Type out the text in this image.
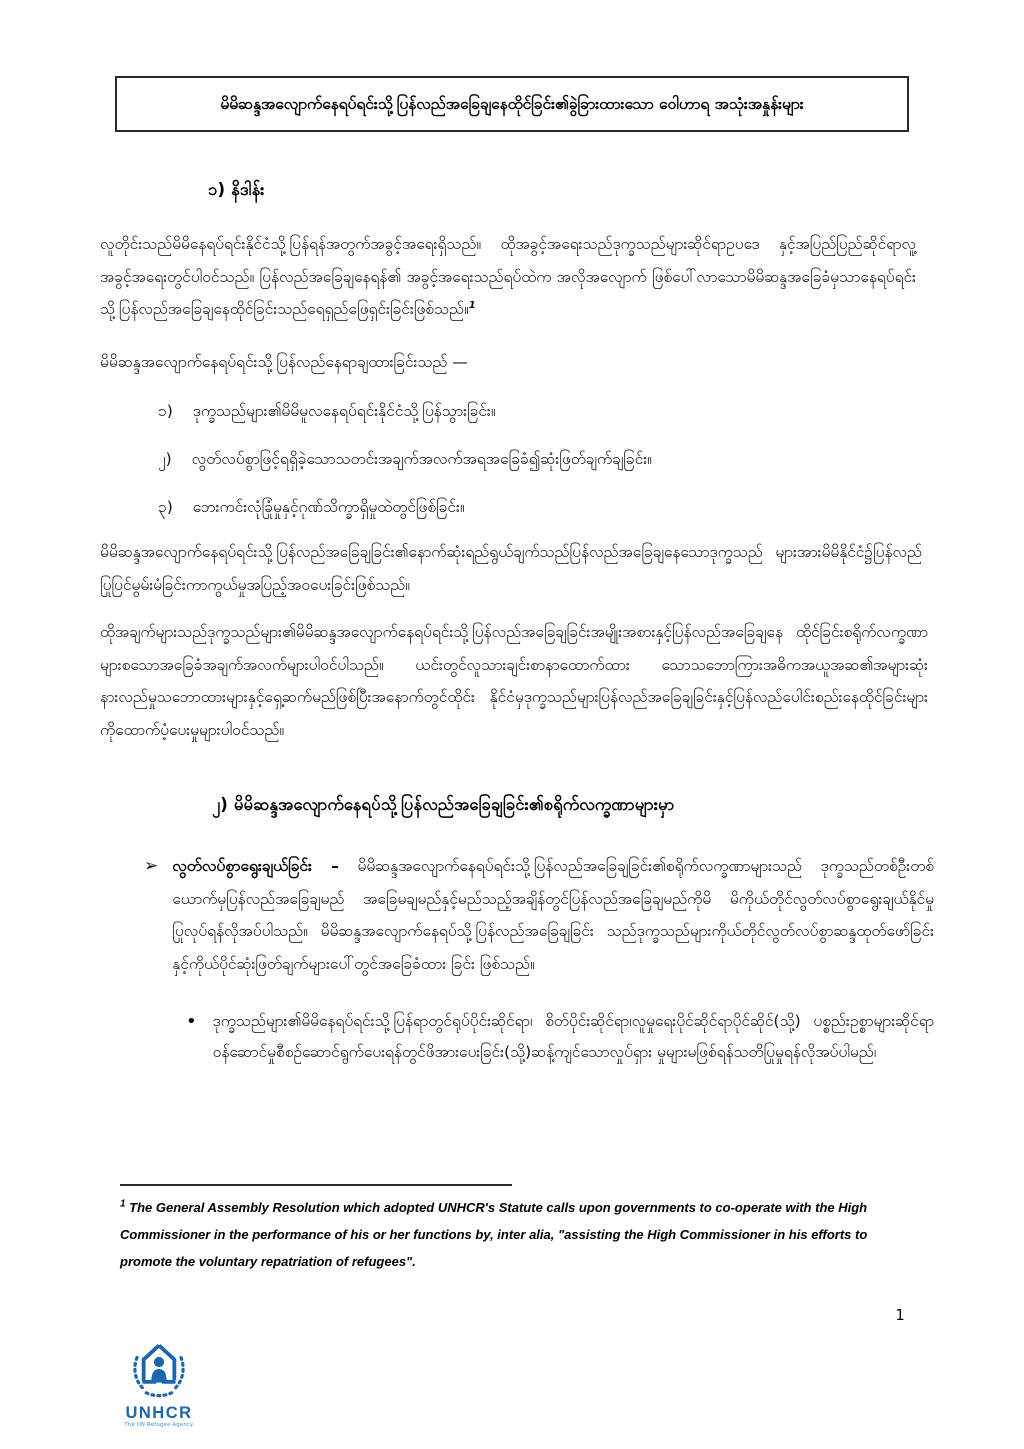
မိမိဆန္ဒအလျောက်နေရပ်ရင်းသို့ပြန်လည်အခြေချနေထိုင်ခြင်း၏ခွဲခြားထားသော ဝေါဟာရ အသုံးအနှုန်းများ
၁) နိဒါန်း
လူတိုင်းသည်မိမိနေရပ်ရင်းနိုင်ငံသို့ပြန်ရန်အတွက်အခွင့်အရေးရှိသည်။ ထိုအခွင့်အရေးသည်ဒုက္ခသည်များဆိုင်ရာဥပဒေ နှင့်အပြည်ပြည်ဆိုင်ရာလူ့အခွင့်အရေးတွင်ပါဝင်သည်။ ပြန်လည်အခြေချနေရန်၏ အခွင့်အရေးသည်ရပ်ထဲက အလိုအလျောက် ဖြစ်ပေါ်လာသောမိမိဆန္ဒအခြေခံမှသာနေရပ်ရင်းသို့ပြန်လည်အခြေချနေထိုင်ခြင်းသည်ရေရှည်ဖြေရှင်းခြင်းဖြစ်သည်။$^1$
မိမိဆန္ဒအလျောက်နေရပ်ရင်းသို့ပြန်လည်နေရာချထားခြင်းသည် —
၁) ဒုက္ခသည်များ၏မိမိမူလနေရပ်ရင်းနိုင်ငံသို့ပြန်သွားခြင်း။
၂) လွတ်လပ်စွာဖြင့်ရရှိခဲ့သောသတင်းအချက်အလက်အရအခြေခံ၍ဆုံးဖြတ်ချက်ချခြင်း။
၃) ဘေးကင်းလုံခြုံမှုနှင့်ဂုဏ်သိက္ခာရှိမှုထဲတွင်ဖြစ်ခြင်း။
မိမိဆန္ဒအလျောက်နေရပ်ရင်းသို့ပြန်လည်အခြေချခြင်း၏နောက်ဆုံးရည်ရွယ်ချက်သည်ပြန်လည်အခြေချနေသောဒုက္ခသည် များအားမိမိနိုင်ငံ၌ပြန်လည်ပြုပြင်မွမ်းမံခြင်းကာကွယ်မှုအပြည့်အဝပေးခြင်းဖြစ်သည်။
ထိုအချက်များသည်ဒုက္ခသည်များ၏မိမိဆန္ဒအလျောက်နေရပ်ရင်းသို့ပြန်လည်အခြေချခြင်းအမျိုးအစားနှင့်ပြန်လည်အခြေချနေ ထိုင်ခြင်းစရိုက်လက္ခဏာများစသောအခြေခံအချက်အလက်များပါဝင်ပါသည်။ ယင်းတွင်လူသားချင်းစာနာထောက်ထား သောသဘောကြားအဓိကအယူအဆ၏အများဆုံးနားလည်မှုသဘောထားများနှင့်ရှေ့ဆက်မည်ဖြစ်ပြီးအနောက်တွင်ထိုင်း နိုင်ငံမှဒုက္ခသည်များပြန်လည်အခြေချခြင်းနှင့်ပြန်လည်ပေါင်းစည်းနေထိုင်ခြင်းများကိုထောက်ပံ့ပေးမှုများပါဝင်သည်။
၂) မိမိဆန္ဒအလျောက်နေရပ်သို့ပြန်လည်အခြေချခြင်း၏စရိုက်လက္ခဏာများမှာ
➢ လွတ်လပ်စွာရွေးချယ်ခြင်း – မိမိဆန္ဒအလျောက်နေရပ်ရင်းသို့ပြန်လည်အခြေချခြင်း၏စရိုက်လက္ခဏာများသည် ဒုက္ခသည်တစ်ဦးတစ်ယောက်မှပြန်လည်အခြေချမည် အခြေမချမည်နှင့်မည်သည့်အချိန်တွင်ပြန်လည်အခြေချမည်ကိုမိ မိကိုယ်တိုင်လွတ်လပ်စွာရွေးချယ်နိုင်မှုပြုလုပ်ရန်လိုအပ်ပါသည်။ မိမိဆန္ဒအလျောက်နေရပ်သို့ပြန်လည်အခြေချခြင်း သည်ဒုက္ခသည်များကိုယ်တိုင်လွတ်လပ်စွာဆန္ဒထုတ်ဖော်ခြင်းနှင့်ကိုယ်ပိုင်ဆုံးဖြတ်ချက်များပေါ်တွင်အခြေခံထား ခြင်း ဖြစ်သည်။
• ဒုက္ခသည်များ၏မိမိနေရပ်ရင်းသို့ပြန်ရာတွင်ရုပ်ပိုင်းဆိုင်ရာ၊ စိတ်ပိုင်းဆိုင်ရာ၊လူမှုရေးပိုင်ဆိုင်ရာပိုင်ဆိုင်(သို့) ပစ္စည်းဥစ္စာများဆိုင်ရာဝန်ဆောင်မှုစီစဉ်ဆောင်ရွက်ပေးရန်တွင်ဖိအားပေးခြင်း(သို့)ဆန့်ကျင်သောလှုပ်ရှား မှုများမဖြစ်ရန်သတိပြုမှုရန်လိုအပ်ပါမည်၊
$^1$ The General Assembly Resolution which adopted UNHCR's Statute calls upon governments to co-operate with the High Commissioner in the performance of his or her functions by, inter alia, "assisting the High Commissioner in his efforts to promote the voluntary repatriation of refugees".
1
UNHCR
The UN Refugee Agency
